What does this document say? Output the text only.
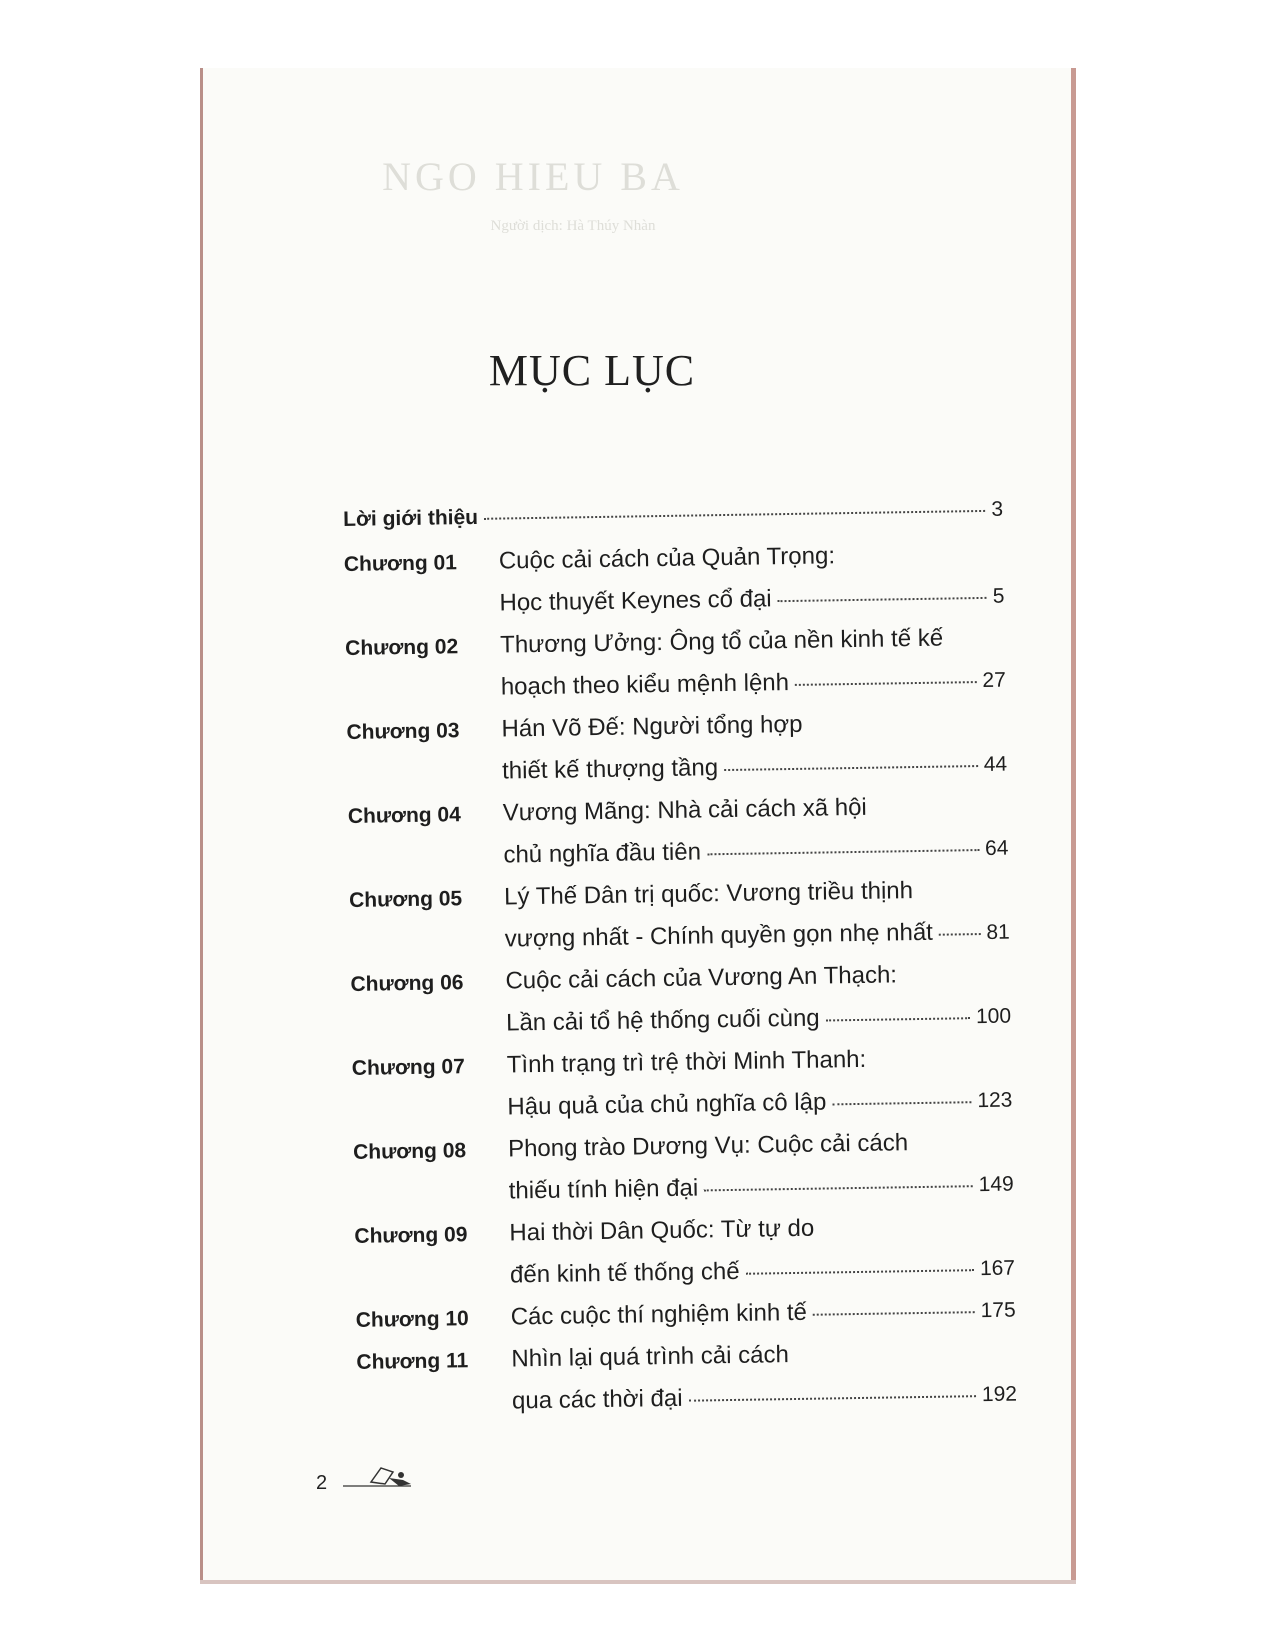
NGO HIEU BA
Người dịch: Hà Thúy Nhàn
MỤC LỤC
Lời giới thiệu	3
Chương 01	Cuộc cải cách của Quản Trọng:
Học thuyết Keynes cổ đại	5
Chương 02	Thương Ưởng: Ông tổ của nền kinh tế kế
hoạch theo kiểu mệnh lệnh	27
Chương 03	Hán Võ Đế: Người tổng hợp
thiết kế thượng tầng	44
Chương 04	Vương Mãng: Nhà cải cách xã hội
chủ nghĩa đầu tiên	64
Chương 05	Lý Thế Dân trị quốc: Vương triều thịnh
vượng nhất - Chính quyền gọn nhẹ nhất	81
Chương 06	Cuộc cải cách của Vương An Thạch:
Lần cải tổ hệ thống cuối cùng	100
Chương 07	Tình trạng trì trệ thời Minh Thanh:
Hậu quả của chủ nghĩa cô lập	123
Chương 08	Phong trào Dương Vụ: Cuộc cải cách
thiếu tính hiện đại	149
Chương 09	Hai thời Dân Quốc: Từ tự do
đến kinh tế thống chế	167
Chương 10	Các cuộc thí nghiệm kinh tế	175
Chương 11	Nhìn lại quá trình cải cách
qua các thời đại	192
2
